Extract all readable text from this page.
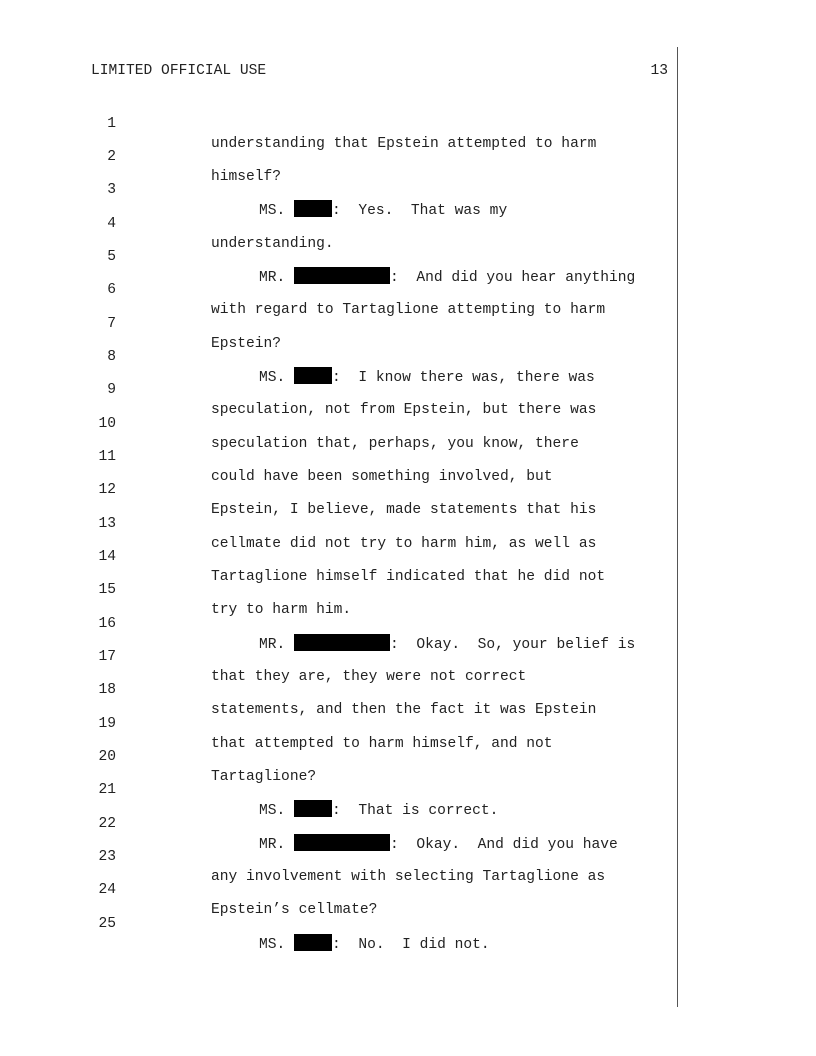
LIMITED OFFICIAL USE	13

1

understanding that Epstein attempted to harm

2

himself?

3

MS.	:  Yes.  That was my

4

understanding.

5

MR.	:  And did you hear anything

6

with regard to Tartaglione attempting to harm

7

Epstein?

8

MS.	:  I know there was, there was

9

speculation, not from Epstein, but there was

10

speculation that, perhaps, you know, there

11

could have been something involved, but

12

Epstein, I believe, made statements that his

13

cellmate did not try to harm him, as well as

14

Tartaglione himself indicated that he did not

15

try to harm him.

16

MR.	:  Okay.  So, your belief is

17

that they are, they were not correct

18

statements, and then the fact it was Epstein

19

that attempted to harm himself, and not

20

Tartaglione?

21

MS.	:  That is correct.

22

MR.	:  Okay.  And did you have

23

any involvement with selecting Tartaglione as

24

Epstein’s cellmate?

25

MS.	:  No.  I did not.
